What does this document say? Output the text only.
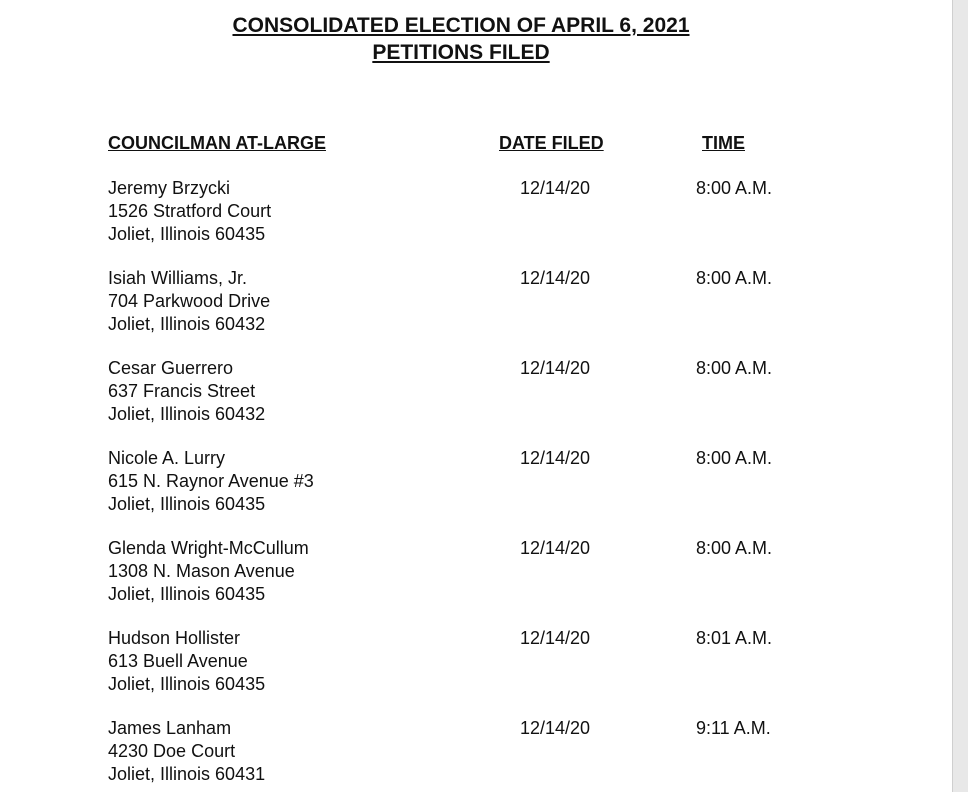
CONSOLIDATED ELECTION OF APRIL 6, 2021
PETITIONS FILED
COUNCILMAN AT-LARGE	DATE FILED	TIME
Jeremy Brzycki
1526 Stratford Court
Joliet, Illinois 60435
12/14/20	8:00 A.M.
Isiah Williams, Jr.
704 Parkwood Drive
Joliet, Illinois 60432
12/14/20	8:00 A.M.
Cesar Guerrero
637 Francis Street
Joliet, Illinois 60432
12/14/20	8:00 A.M.
Nicole A. Lurry
615 N. Raynor Avenue #3
Joliet, Illinois 60435
12/14/20	8:00 A.M.
Glenda Wright-McCullum
1308 N. Mason Avenue
Joliet, Illinois 60435
12/14/20	8:00 A.M.
Hudson Hollister
613 Buell Avenue
Joliet, Illinois 60435
12/14/20	8:01 A.M.
James Lanham
4230 Doe Court
Joliet, Illinois 60431
12/14/20	9:11 A.M.
